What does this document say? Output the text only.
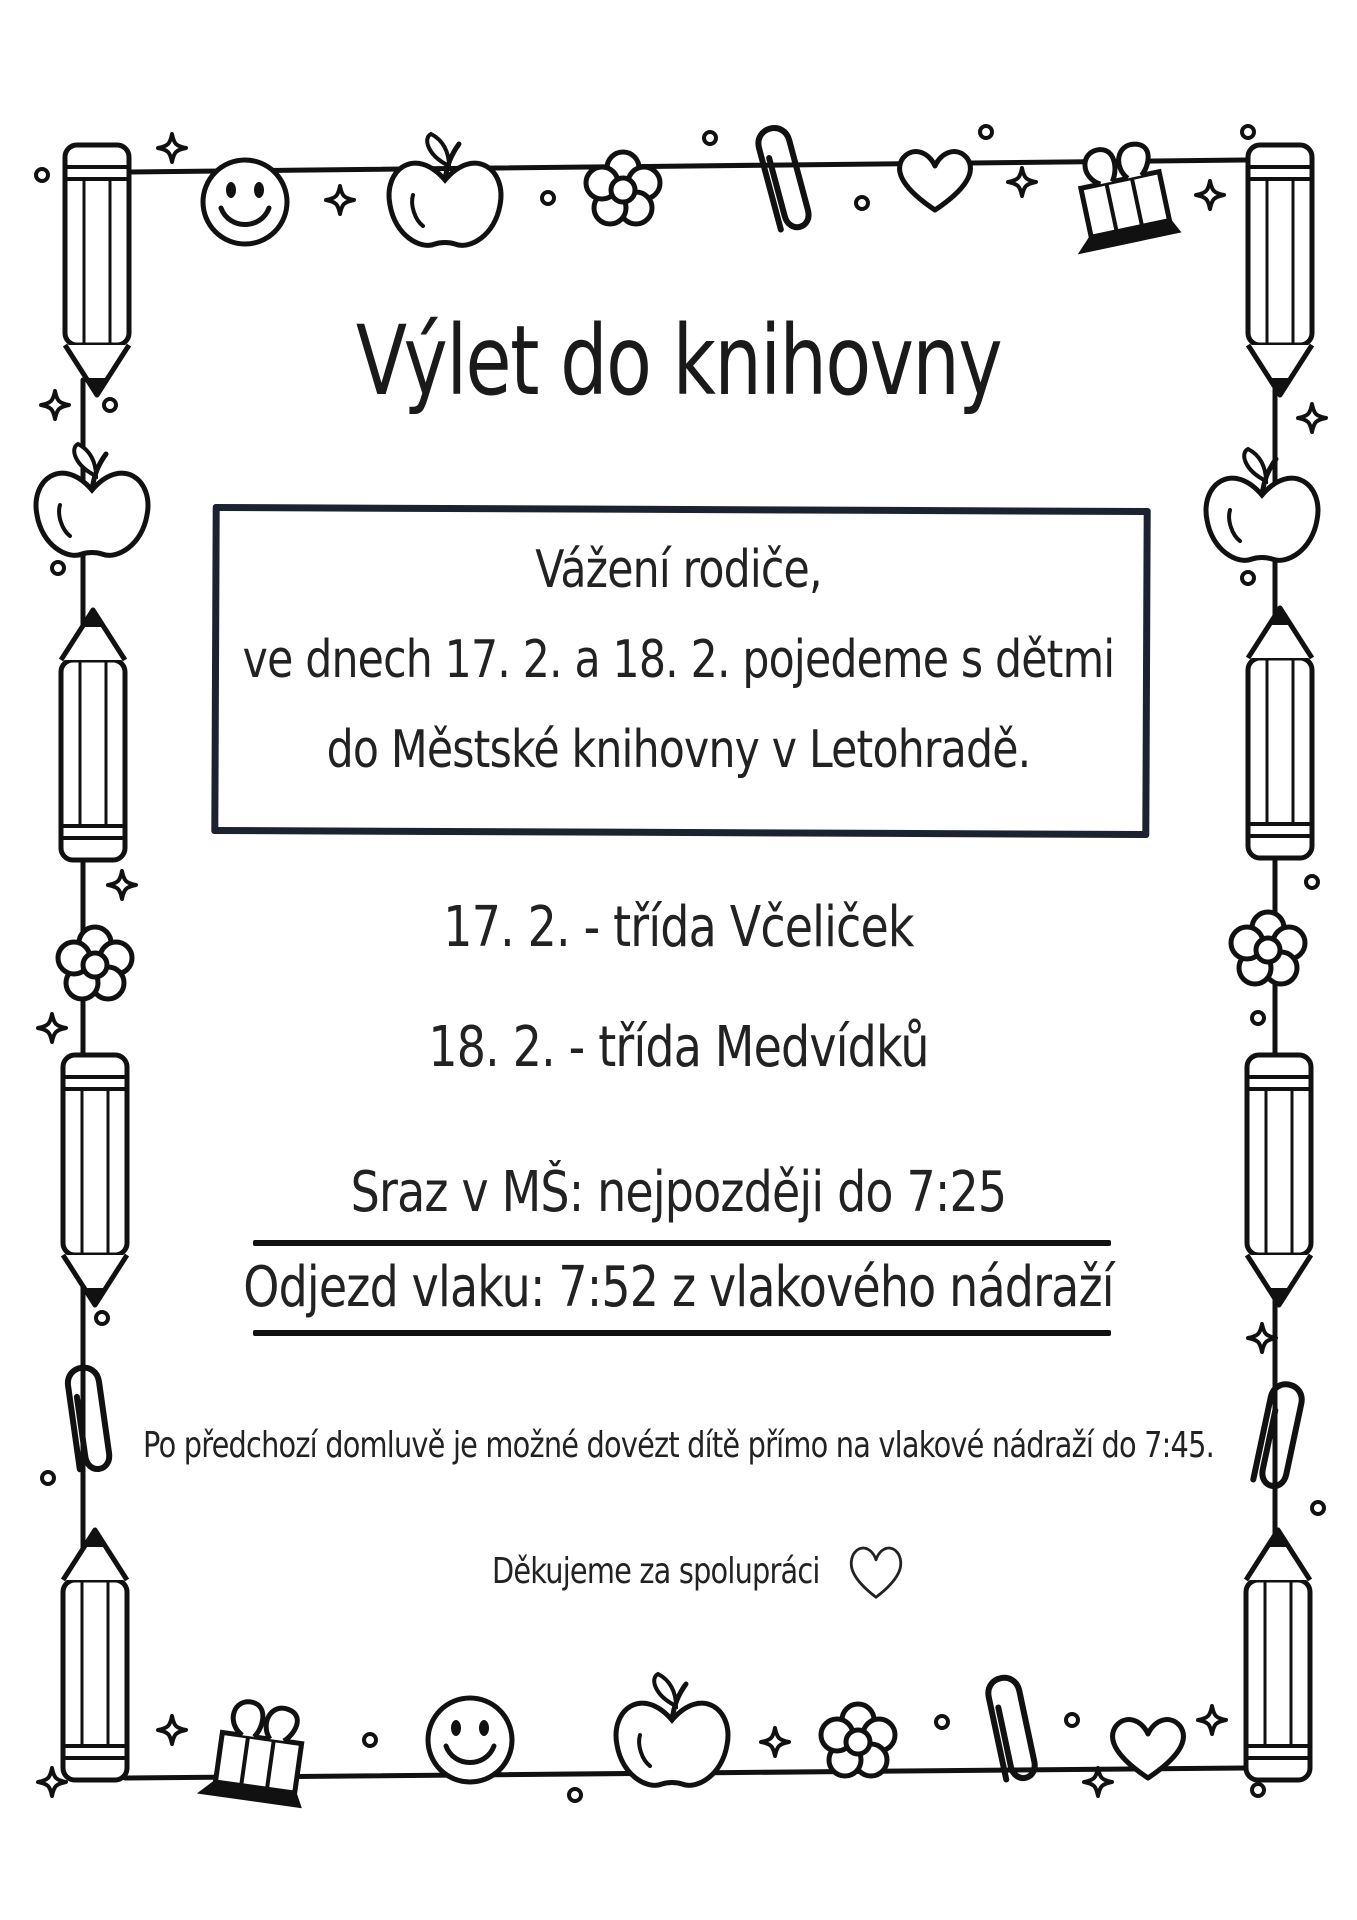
Výlet do knihovny
Vážení rodiče,
ve dnech 17. 2. a 18. 2. pojedeme s dětmi
do Městské knihovny v Letohradě.
17. 2. - třída Včeliček
18. 2. - třída Medvídků
Sraz v MŠ: nejpozději do 7:25
Odjezd vlaku: 7:52 z vlakového nádraží
Po předchozí domluvě je možné dovézt dítě přímo na vlakové nádraží do 7:45.
Děkujeme za spolupráci
